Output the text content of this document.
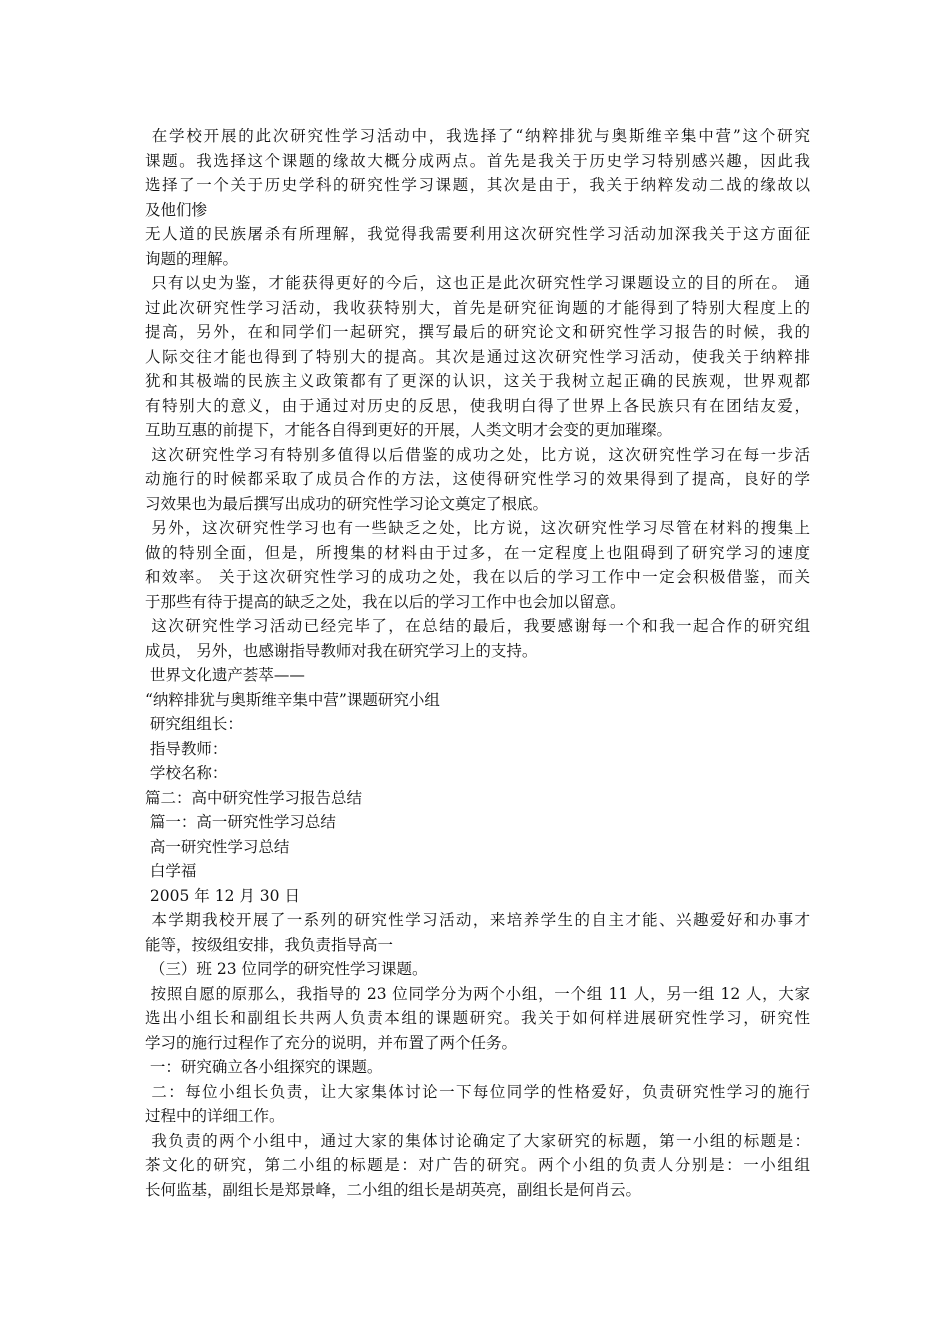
在学校开展的此次研究性学习活动中，我选择了“纳粹排犹与奥斯维辛集中营”这个研究
课题。我选择这个课题的缘故大概分成两点。首先是我关于历史学习特别感兴趣，因此我
选择了一个关于历史学科的研究性学习课题，其次是由于，我关于纳粹发动二战的缘故以
及他们惨
无人道的民族屠杀有所理解，我觉得我需要利用这次研究性学习活动加深我关于这方面征
询题的理解。
只有以史为鉴，才能获得更好的今后，这也正是此次研究性学习课题设立的目的所在。 通
过此次研究性学习活动，我收获特别大，首先是研究征询题的才能得到了特别大程度上的
提高，另外，在和同学们一起研究，撰写最后的研究论文和研究性学习报告的时候，我的
人际交往才能也得到了特别大的提高。其次是通过这次研究性学习活动，使我关于纳粹排
犹和其极端的民族主义政策都有了更深的认识，这关于我树立起正确的民族观，世界观都
有特别大的意义，由于通过对历史的反思，使我明白得了世界上各民族只有在团结友爱，
互助互惠的前提下，才能各自得到更好的开展，人类文明才会变的更加璀璨。
这次研究性学习有特别多值得以后借鉴的成功之处，比方说，这次研究性学习在每一步活
动施行的时候都采取了成员合作的方法，这使得研究性学习的效果得到了提高，良好的学
习效果也为最后撰写出成功的研究性学习论文奠定了根底。
另外，这次研究性学习也有一些缺乏之处，比方说，这次研究性学习尽管在材料的搜集上
做的特别全面，但是，所搜集的材料由于过多，在一定程度上也阻碍到了研究学习的速度
和效率。 关于这次研究性学习的成功之处，我在以后的学习工作中一定会积极借鉴，而关
于那些有待于提高的缺乏之处，我在以后的学习工作中也会加以留意。
这次研究性学习活动已经完毕了，在总结的最后，我要感谢每一个和我一起合作的研究组
成员， 另外，也感谢指导教师对我在研究学习上的支持。
世界文化遗产荟萃——
“纳粹排犹与奥斯维辛集中营”课题研究小组
研究组组长：
指导教师：
学校名称：
篇二：高中研究性学习报告总结
篇一：高一研究性学习总结
高一研究性学习总结
白学福
2005 年 12 月 30 日
本学期我校开展了一系列的研究性学习活动，来培养学生的自主才能、兴趣爱好和办事才
能等，按级组安排，我负责指导高一
（三）班 23 位同学的研究性学习课题。
按照自愿的原那么，我指导的 23 位同学分为两个小组，一个组 11 人，另一组 12 人，大家
选出小组长和副组长共两人负责本组的课题研究。我关于如何样进展研究性学习，研究性
学习的施行过程作了充分的说明，并布置了两个任务。
一：研究确立各小组探究的课题。
二：每位小组长负责，让大家集体讨论一下每位同学的性格爱好，负责研究性学习的施行
过程中的详细工作。
我负责的两个小组中，通过大家的集体讨论确定了大家研究的标题，第一小组的标题是：
茶文化的研究，第二小组的标题是：对广告的研究。两个小组的负责人分别是：一小组组
长何监基，副组长是郑景峰，二小组的组长是胡英亮，副组长是何肖云。
